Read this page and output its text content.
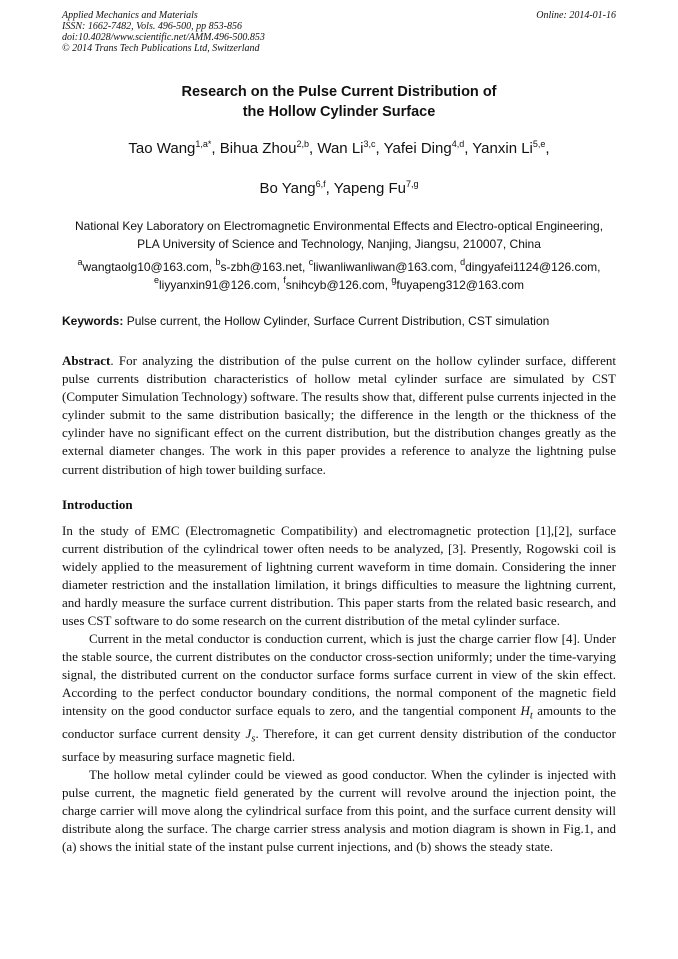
Applied Mechanics and Materials
ISSN: 1662-7482, Vols. 496-500, pp 853-856
doi:10.4028/www.scientific.net/AMM.496-500.853
© 2014 Trans Tech Publications Ltd, Switzerland
Online: 2014-01-16
Research on the Pulse Current Distribution of
the Hollow Cylinder Surface
Tao Wang$^{1,a*}$, Bihua Zhou$^{2,b}$, Wan Li$^{3,c}$, Yafei Ding$^{4,d}$, Yanxin Li$^{5,e}$,
Bo Yang$^{6,f}$, Yapeng Fu$^{7,g}$
National Key Laboratory on Electromagnetic Environmental Effects and Electro-optical Engineering,
PLA University of Science and Technology, Nanjing, Jiangsu, 210007, China
$^a$wangtaolg10@163.com, $^b$s-zbh@163.net, $^c$liwanliwanliwan@163.com, $^d$dingyafei1124@126.com,
$^e$liyyanxin91@126.com, $^f$snihcyb@126.com, $^g$fuyapeng312@163.com
Keywords: Pulse current, the Hollow Cylinder, Surface Current Distribution, CST simulation
Abstract. For analyzing the distribution of the pulse current on the hollow cylinder surface, different pulse currents distribution characteristics of hollow metal cylinder surface are simulated by CST (Computer Simulation Technology) software. The results show that, different pulse currents injected in the cylinder submit to the same distribution basically; the difference in the length or the thickness of the cylinder have no significant effect on the current distribution, but the distribution changes greatly as the external diameter changes. The work in this paper provides a reference to analyze the lightning pulse current distribution of high tower building surface.
Introduction

In the study of EMC (Electromagnetic Compatibility) and electromagnetic protection [1],[2], surface current distribution of the cylindrical tower often needs to be analyzed, [3]. Presently, Rogowski coil is widely applied to the measurement of lightning current waveform in time domain. Considering the inner diameter restriction and the installation limilation, it brings difficulties to measure the lightning current, and hardly measure the surface current distribution. This paper starts from the related basic research, and uses CST software to do some research on the current distribution of the metal cylinder surface.

Current in the metal conductor is conduction current, which is just the charge carrier flow [4]. Under the stable source, the current distributes on the conductor cross-section uniformly; under the time-varying signal, the distributed current on the conductor surface forms surface current in view of the skin effect. According to the perfect conductor boundary conditions, the normal component of the magnetic field intensity on the good conductor surface equals to zero, and the tangential component $H_t$ amounts to the conductor surface current density $J_s$. Therefore, it can get current density distribution of the conductor surface by measuring surface magnetic field.

The hollow metal cylinder could be viewed as good conductor. When the cylinder is injected with pulse current, the magnetic field generated by the current will revolve around the injection point, the charge carrier will move along the cylindrical surface from this point, and the surface current density will distribute along the surface. The charge carrier stress analysis and motion diagram is shown in Fig.1, and (a) shows the initial state of the instant pulse current injections, and (b) shows the steady state.
